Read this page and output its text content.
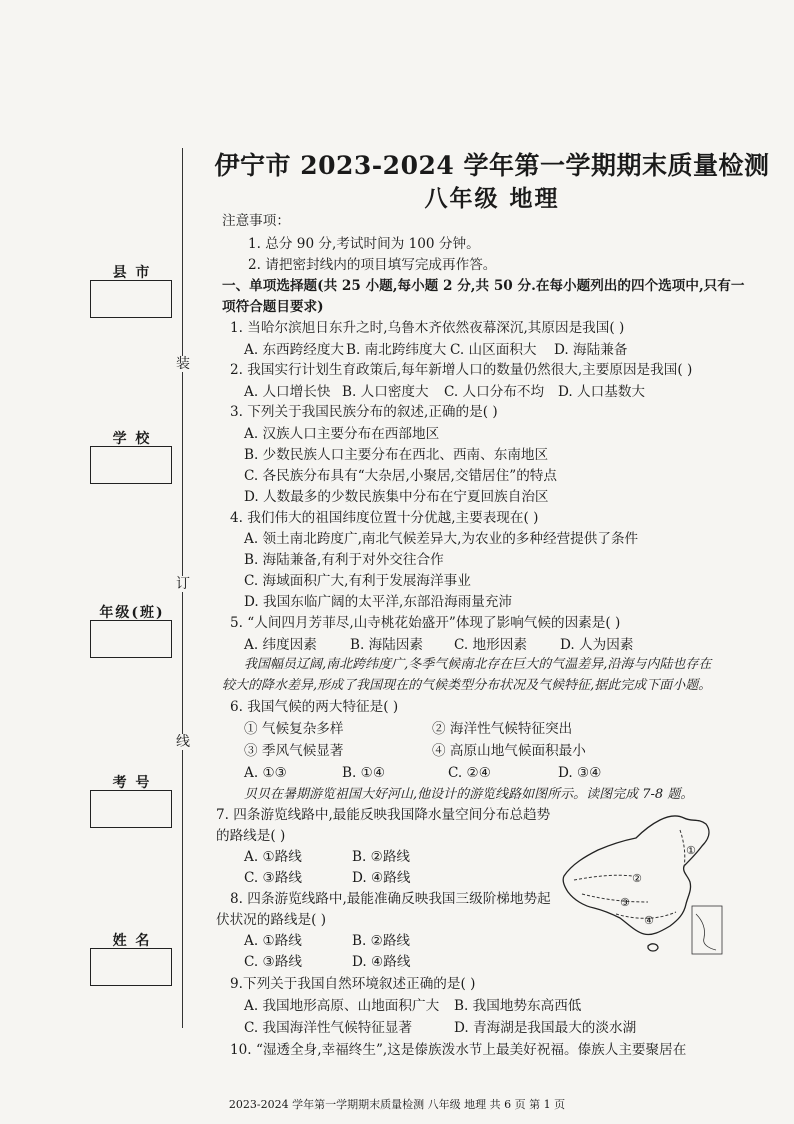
装
订
线
县 市
学 校
年级(班)
考 号
姓 名
伊宁市 2023-2024 学年第一学期期末质量检测
八年级 地理
注意事项：
1. 总分 90 分,考试时间为 100 分钟。
2. 请把密封线内的项目填写完成再作答。
一、单项选择题(共 25 小题,每小题 2 分,共 50 分.在每小题列出的四个选项中,只有一
项符合题目要求)
1. 当哈尔滨旭日东升之时,乌鲁木齐依然夜幕深沉,其原因是我国( )
A. 东西跨经度大 B. 南北跨纬度大 C. 山区面积大 D. 海陆兼备
2. 我国实行计划生育政策后,每年新增人口的数量仍然很大,主要原因是我国( )
A. 人口增长快 B. 人口密度大 C. 人口分布不均 D. 人口基数大
3. 下列关于我国民族分布的叙述,正确的是( )
A. 汉族人口主要分布在西部地区
B. 少数民族人口主要分布在西北、西南、东南地区
C. 各民族分布具有“大杂居,小聚居,交错居住”的特点
D. 人数最多的少数民族集中分布在宁夏回族自治区
4. 我们伟大的祖国纬度位置十分优越,主要表现在( )
A. 领土南北跨度广,南北气候差异大,为农业的多种经营提供了条件
B. 海陆兼备,有利于对外交往合作
C. 海域面积广大,有利于发展海洋事业
D. 我国东临广阔的太平洋,东部沿海雨量充沛
5. “人间四月芳菲尽,山寺桃花始盛开”体现了影响气候的因素是( )
A. 纬度因素 B. 海陆因素 C. 地形因素 D. 人为因素
我国幅员辽阔,南北跨纬度广,冬季气候南北存在巨大的气温差异,沿海与内陆也存在
较大的降水差异,形成了我国现在的气候类型分布状况及气候特征,据此完成下面小题。
6. 我国气候的两大特征是( )
① 气候复杂多样	② 海洋性气候特征突出
③ 季风气候显著	④ 高原山地气候面积最小
A. ①③	B. ①④	C. ②④	D. ③④
贝贝在暑期游览祖国大好河山,他设计的游览线路如图所示。读图完成 7-8 题。
7. 四条游览线路中,最能反映我国降水量空间分布总趋势
的路线是( )
A. ①路线	B. ②路线
C. ③路线	D. ④路线
8. 四条游览线路中,最能准确反映我国三级阶梯地势起
伏状况的路线是( )
A. ①路线	B. ②路线
C. ③路线	D. ④路线
9.下列关于我国自然环境叙述正确的是( )
A. 我国地形高原、山地面积广大 B. 我国地势东高西低
C. 我国海洋性气候特征显著	D. 青海湖是我国最大的淡水湖
10. “湿透全身,幸福终生”,这是傣族泼水节上最美好祝福。傣族人主要聚居在
①
②
③
④
2023-2024 学年第一学期期末质量检测 八年级 地理 共 6 页 第 1 页
